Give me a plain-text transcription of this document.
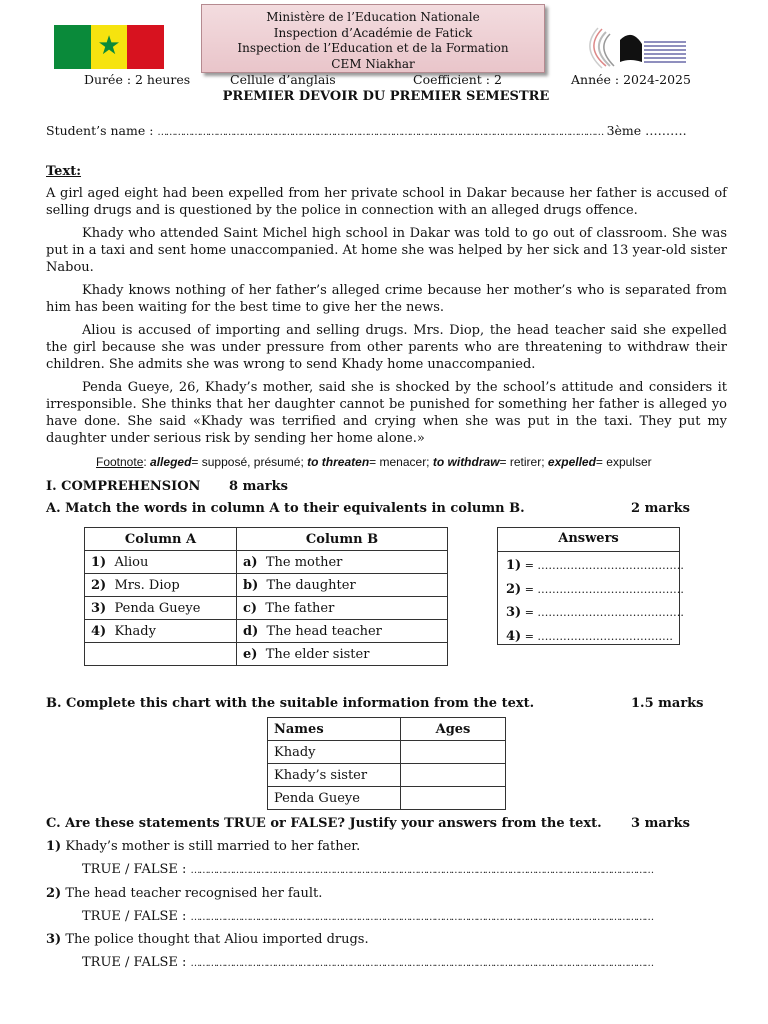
★
Ministère de l’Education Nationale
Inspection d’Académie de Fatick
Inspection de l’Education et de la Formation
CEM Niakhar
Durée : 2 heures	Cellule d’anglais	Coefficient : 2	Année : 2024-2025
PREMIER DEVOIR DU PREMIER SEMESTRE
Student’s name : …………………………………………………………………………………………………………………………………………… 3ème ……….
Text:

A girl aged eight had been expelled from her private school in Dakar because her father is accused of selling drugs and is questioned by the police in connection with an alleged drugs offence.

Khady who attended Saint Michel high school in Dakar was told to go out of classroom. She was put in a taxi and sent home unaccompanied. At home she was helped by her sick and 13 year-old sister Nabou.

Khady knows nothing of her father’s alleged crime because her mother’s who is separated from him has been waiting for the best time to give her the news.

Aliou is accused of importing and selling drugs. Mrs. Diop, the head teacher said she expelled the girl because she was under pressure from other parents who are threatening to withdraw their children. She admits she was wrong to send Khady home unaccompanied.

Penda Gueye, 26, Khady’s mother, said she is shocked by the school’s attitude and considers it irresponsible. She thinks that her daughter cannot be punished for something her father is alleged yo have done. She said «Khady was terrified and crying when she was put in the taxi. They put my daughter under serious risk by sending her home alone.»

Footnote: alleged= supposé, présumé; to threaten= menacer; to withdraw= retirer; expelled= expulser
I. COMPREHENSION 8 marks
A. Match the words in column A to their equivalents in column B.	2 marks
Column A	Column B
1) Aliou	a) The mother
2) Mrs. Diop	b) The daughter
3) Penda Gueye	c) The father
4) Khady	d) The head teacher
	e) The elder sister
Answers
1) = ………………………………….
2) = ………………………………….
3) = ………………………………….
4) = ……………………………….
B. Complete this chart with the suitable information from the text.	1.5 marks
Names	Ages
Khady	
Khady’s sister	
Penda Gueye	
C. Are these statements TRUE or FALSE? Justify your answers from the text. 3 marks
1) Khady’s mother is still married to her father.
TRUE / FALSE : …………………………………………………………………………………………………………………………………………………
2) The head teacher recognised her fault.
TRUE / FALSE : …………………………………………………………………………………………………………………………………………………
3) The police thought that Aliou imported drugs.
TRUE / FALSE : …………………………………………………………………………………………………………………………………………………
